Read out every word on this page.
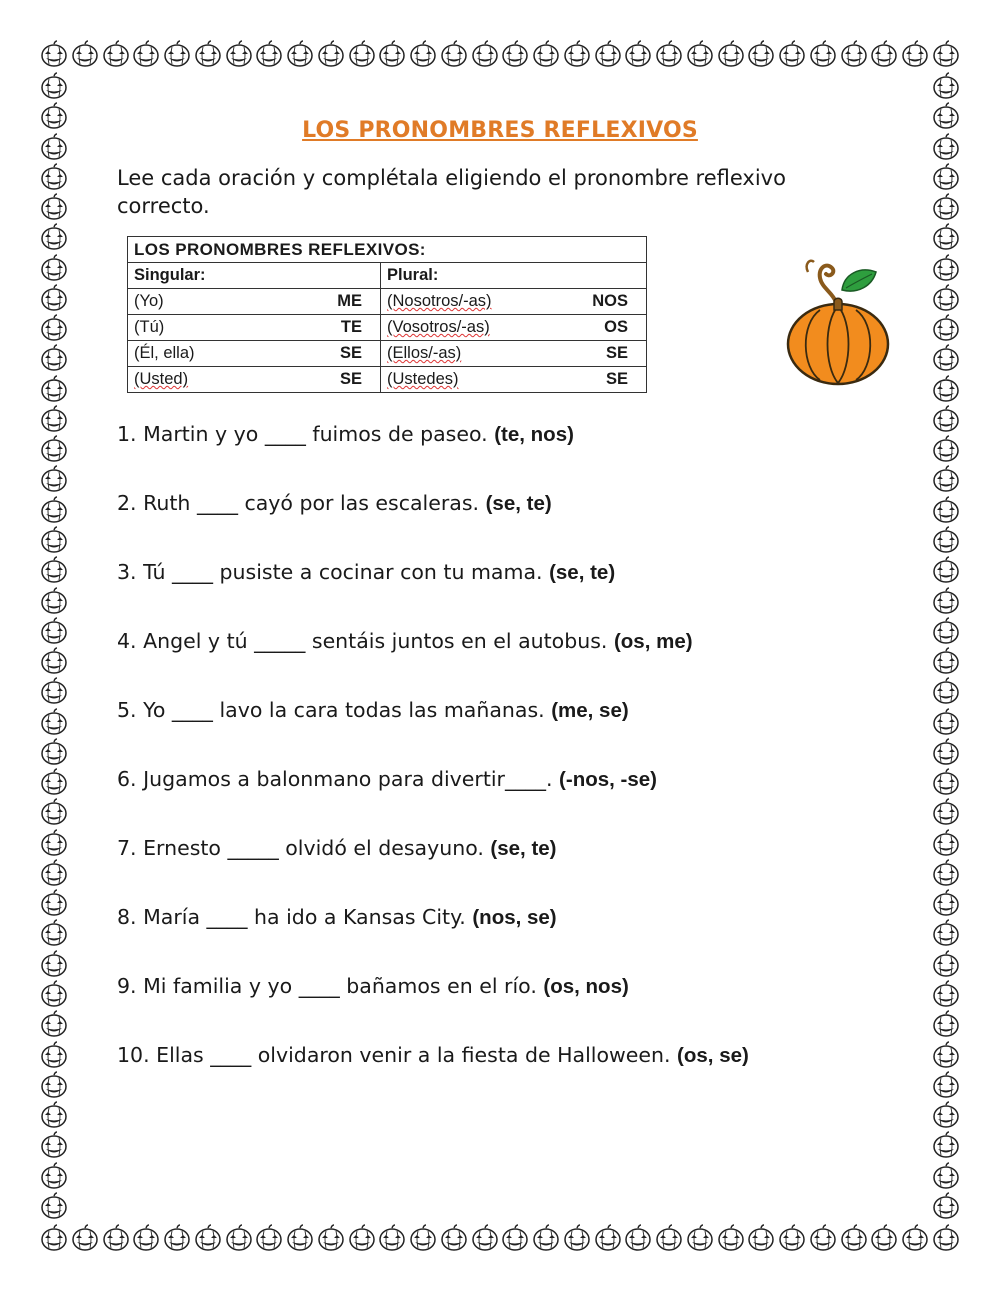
LOS PRONOMBRES REFLEXIVOS

Lee cada oración y complétala eligiendo el pronombre reflexivo correcto.

LOS PRONOMBRES REFLEXIVOS:	
Singular:	Plural:

(Yo) ME	(Nosotros/-as) NOS

(Tú) TE	(Vosotros/-as) OS

(Él, ella) SE	(Ellos/-as) SE

(Usted) SE	(Ustedes) SE
1. Martin y yo ____ fuimos de paseo. (te, nos)
2. Ruth ____ cayó por las escaleras. (se, te)
3. Tú ____ pusiste a cocinar con tu mama. (se, te)
4. Angel y tú _____ sentáis juntos en el autobus. (os, me)
5. Yo ____ lavo la cara todas las mañanas. (me, se)
6. Jugamos a balonmano para divertir____. (-nos, -se)
7. Ernesto _____ olvidó el desayuno. (se, te)
8. María ____ ha ido a Kansas City. (nos, se)
9. Mi familia y yo ____ bañamos en el río. (os, nos)
10. Ellas ____ olvidaron venir a la fiesta de Halloween. (os, se)
